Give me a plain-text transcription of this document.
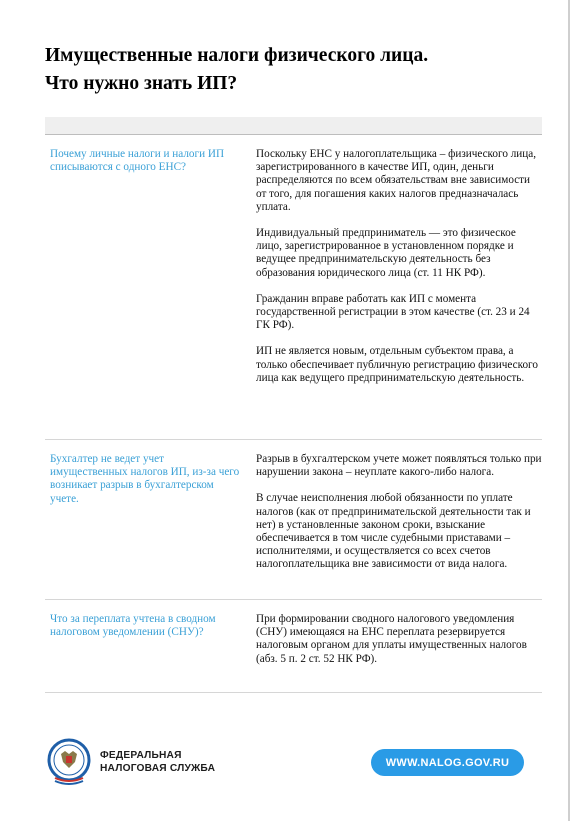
Имущественные налоги физического лица.
Что нужно знать ИП?
Почему личные налоги и налоги ИП списываются с одного ЕНС?

Поскольку ЕНС у налогоплательщика – физического лица, зарегистрированного в качестве ИП, один, деньги распределяются по всем обязательствам вне зависимости от того, для погашения каких налогов предназначалась уплата.

Индивидуальный предприниматель — это физическое лицо, зарегистрированное в установленном порядке и ведущее предпринимательскую деятельность без образования юридического лица (ст. 11 НК РФ).

Гражданин вправе работать как ИП с момента государственной регистрации в этом качестве (ст. 23 и 24 ГК РФ).

ИП не является новым, отдельным субъектом права, а только обеспечивает публичную регистрацию физического лица как ведущего предпринимательскую деятельность.

Бухгалтер не ведет учет имущественных налогов ИП, из-за чего возникает разрыв в бухгалтерском учете.

Разрыв в бухгалтерском учете может появляться только при нарушении закона – неуплате какого-либо налога.

В случае неисполнения любой обязанности по уплате налогов (как от предпринимательской деятельности так и нет) в установленные законом сроки, взыскание обеспечивается в том числе судебными приставами – исполнителями, и осуществляется со всех счетов налогоплательщика вне зависимости от вида налога.

Что за переплата учтена в сводном налоговом уведомлении (СНУ)?

При формировании сводного налогового уведомления (СНУ) имеющаяся на ЕНС переплата резервируется налоговым органом для уплаты имущественных налогов (абз. 5 п. 2 ст. 52 НК РФ).

ФЕДЕРАЛЬНАЯ
НАЛОГОВАЯ СЛУЖБА	WWW.NALOG.GOV.RU
